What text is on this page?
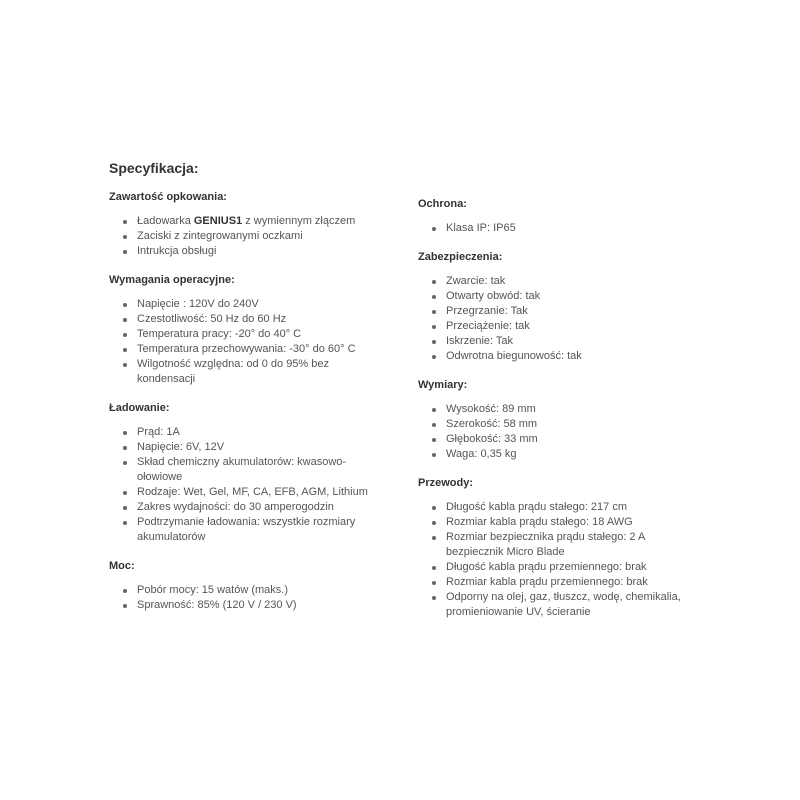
Specyfikacja:
Zawartość opkowania:
Ładowarka GENIUS1 z wymiennym złączem
Zaciski z zintegrowanymi oczkami
Intrukcja obsługi
Wymagania operacyjne:
Napięcie : 120V do 240V
Czestotliwość: 50 Hz do 60 Hz
Temperatura pracy: -20° do 40° C
Temperatura przechowywania: -30° do 60° C
Wilgotność względna: od 0 do 95% bez kondensacji
Ładowanie:
Prąd: 1A
Napięcie: 6V, 12V
Skład chemiczny akumulatorów: kwasowo-ołowiowe
Rodzaje: Wet, Gel, MF, CA, EFB, AGM, Lithium
Zakres wydajności: do 30 amperogodzin
Podtrzymanie ładowania: wszystkie rozmiary akumulatorów
Moc:
Pobór mocy: 15 watów (maks.)
Sprawność: 85% (120 V / 230 V)
Ochrona:
Klasa IP: IP65
Zabezpieczenia:
Zwarcie: tak
Otwarty obwód: tak
Przegrzanie: Tak
Przeciążenie: tak
Iskrzenie: Tak
Odwrotna biegunowość: tak
Wymiary:
Wysokość: 89 mm
Szerokość: 58 mm
Głębokość: 33 mm
Waga: 0,35 kg
Przewody:
Długość kabla prądu stałego: 217 cm
Rozmiar kabla prądu stałego: 18 AWG
Rozmiar bezpiecznika prądu stałego: 2 A bezpiecznik Micro Blade
Długość kabla prądu przemiennego: brak
Rozmiar kabla prądu przemiennego: brak
Odporny na olej, gaz, tłuszcz, wodę, chemikalia, promieniowanie UV, ścieranie
